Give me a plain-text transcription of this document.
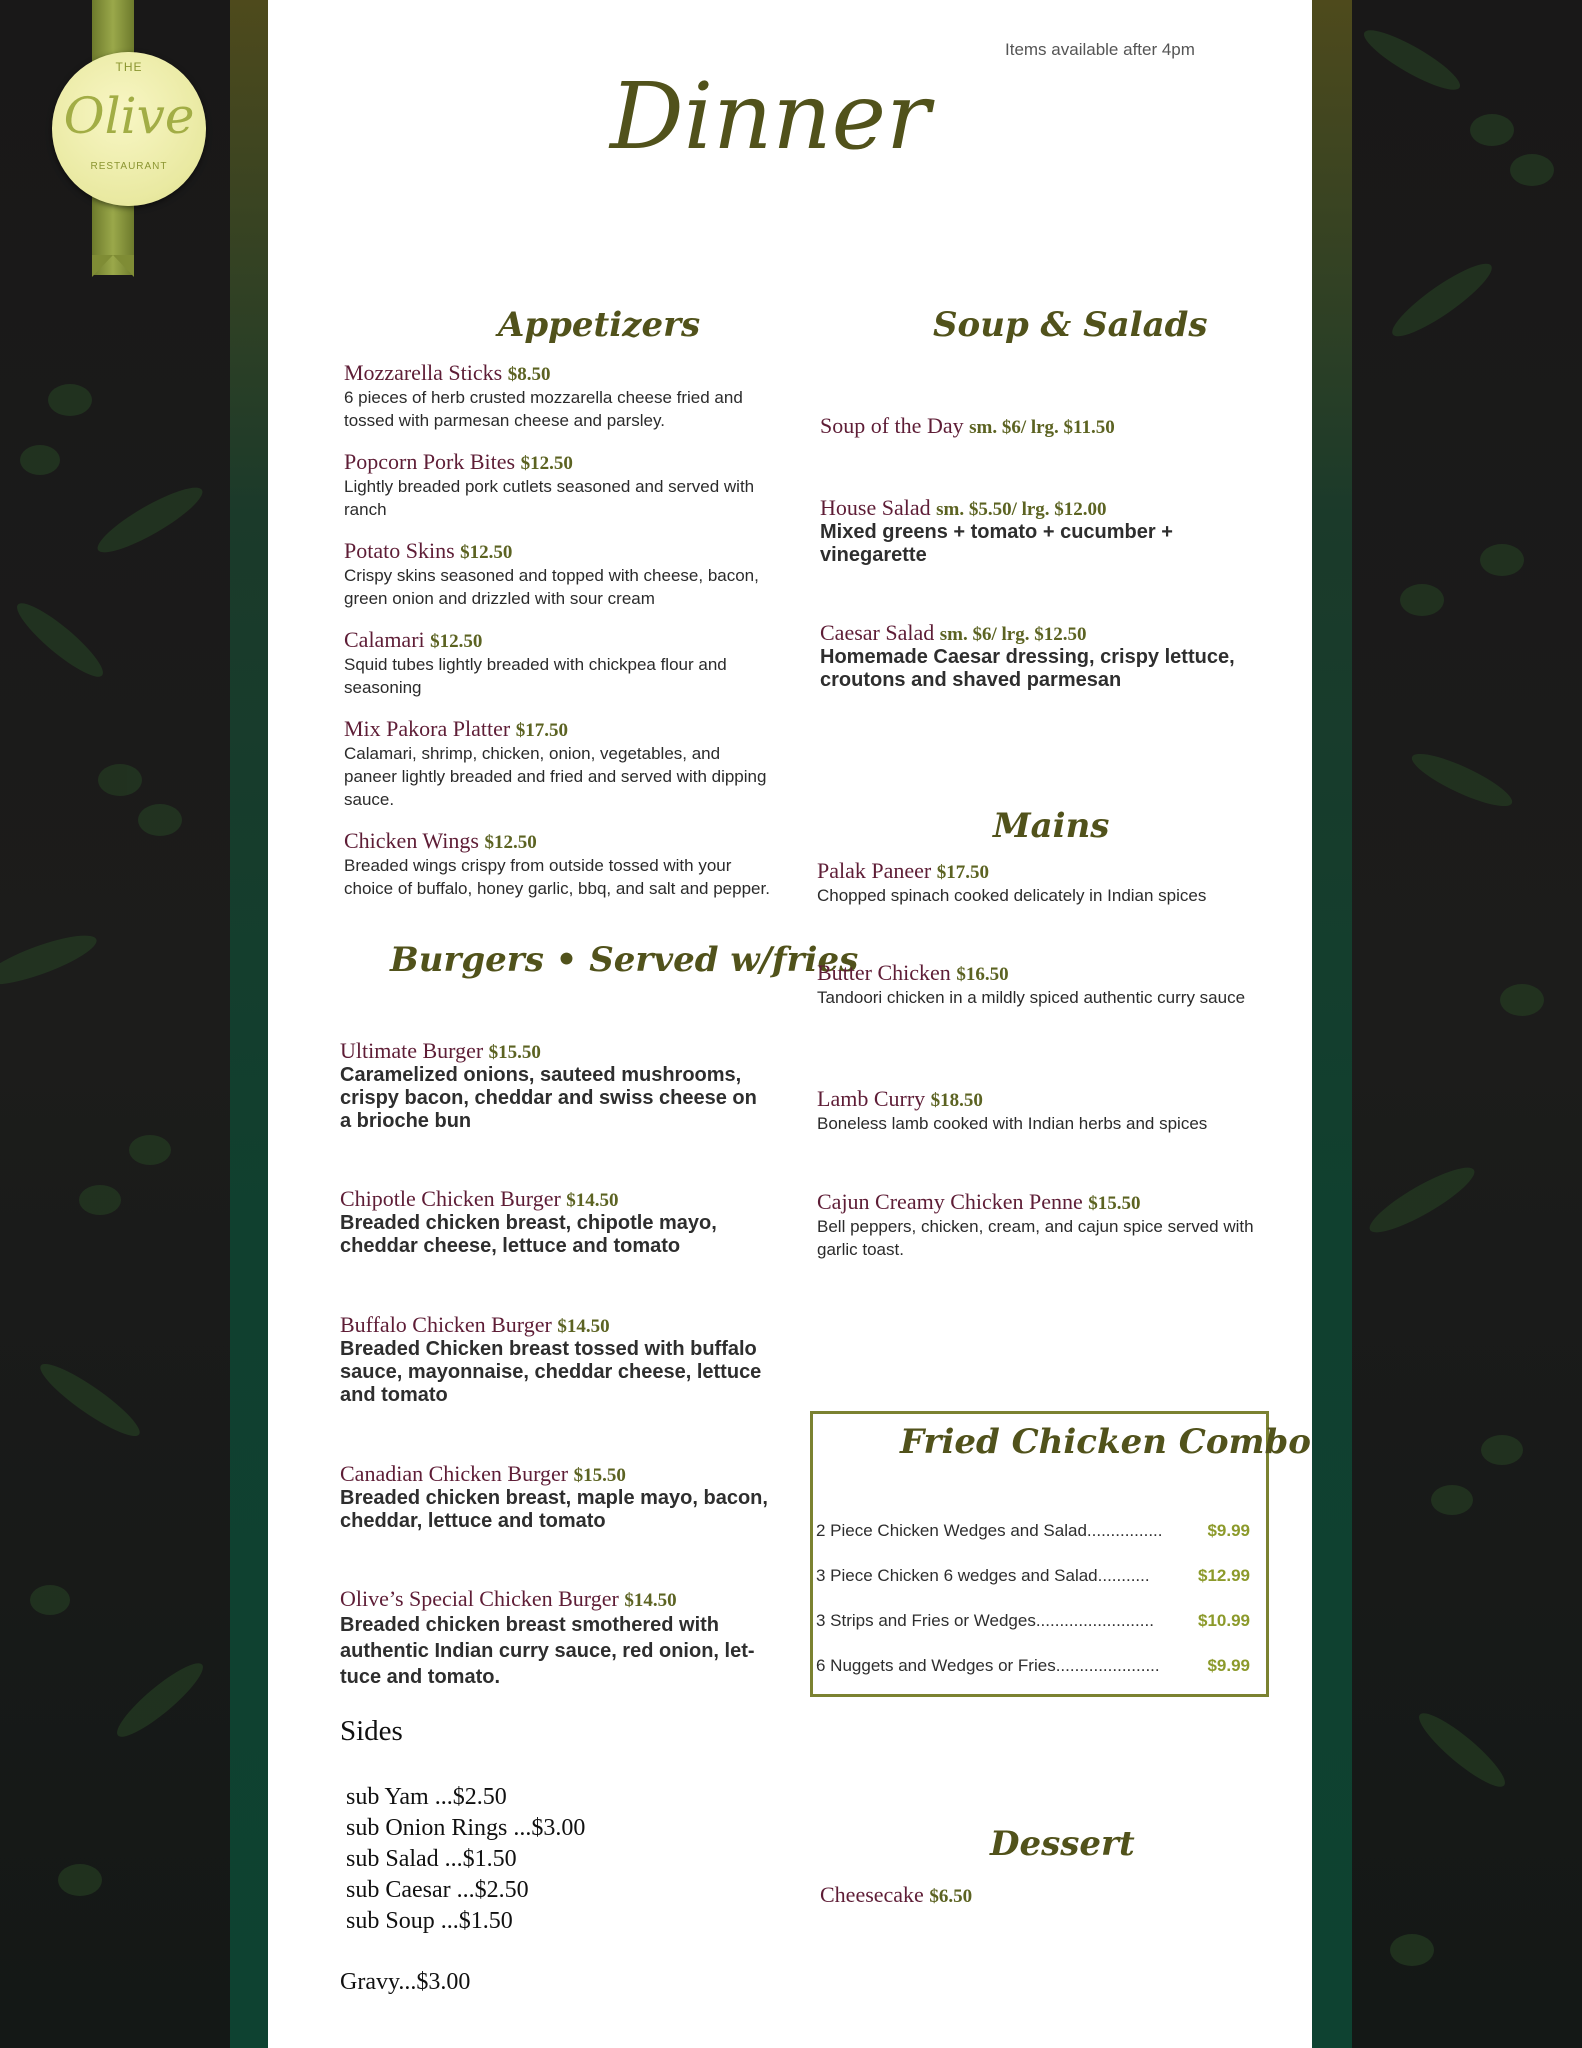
THE
Olive
RESTAURANT
Items available after 4pm
Dinner
Appetizers
Mozzarella Sticks $8.50
6 pieces of herb crusted mozzarella cheese fried and tossed with parmesan cheese and parsley.
Popcorn Pork Bites $12.50
Lightly breaded pork cutlets seasoned and served with ranch
Potato Skins $12.50
Crispy skins seasoned and topped with cheese, bacon, green onion and drizzled with sour cream
Calamari $12.50
Squid tubes lightly breaded with chickpea flour and seasoning
Mix Pakora Platter $17.50
Calamari, shrimp, chicken, onion, vegetables, and paneer lightly breaded and fried and served with dipping sauce.
Chicken Wings $12.50
Breaded wings crispy from outside tossed with your choice of buffalo, honey garlic, bbq, and salt and pepper.
Burgers • Served w/fries
Ultimate Burger $15.50
Caramelized onions, sauteed mushrooms, crispy bacon, cheddar and swiss cheese on a brioche bun
Chipotle Chicken Burger $14.50
Breaded chicken breast, chipotle mayo, cheddar cheese, lettuce and tomato
Buffalo Chicken Burger $14.50
Breaded Chicken breast tossed with buffalo sauce, mayonnaise, cheddar cheese, lettuce and tomato
Canadian Chicken Burger $15.50
Breaded chicken breast, maple mayo, bacon, cheddar, lettuce and tomato
Olive’s Special Chicken Burger $14.50
Breaded chicken breast smothered with authentic Indian curry sauce, red onion, let-tuce and tomato.
Sides
sub Yam ...$2.50
sub Onion Rings ...$3.00
sub Salad ...$1.50
sub Caesar ...$2.50
sub Soup ...$1.50
Gravy...$3.00
Soup & Salads
Soup of the Day sm. $6/ lrg. $11.50
House Salad sm. $5.50/ lrg. $12.00
Mixed greens + tomato + cucumber + vinegarette
Caesar Salad sm. $6/ lrg. $12.50
Homemade Caesar dressing, crispy lettuce, croutons and shaved parmesan
Mains
Palak Paneer $17.50
Chopped spinach cooked delicately in Indian spices
Butter Chicken $16.50
Tandoori chicken in a mildly spiced authentic curry sauce
Lamb Curry $18.50
Boneless lamb cooked with Indian herbs and spices
Cajun Creamy Chicken Penne $15.50
Bell peppers, chicken, cream, and cajun spice served with garlic toast.
Fried Chicken Combo
2 Piece Chicken Wedges and Salad................	$9.99
3 Piece Chicken 6 wedges and Salad...........	$12.99
3 Strips and Fries or Wedges.........................	$10.99
6 Nuggets and Wedges or Fries......................	$9.99
Dessert
Cheesecake $6.50
